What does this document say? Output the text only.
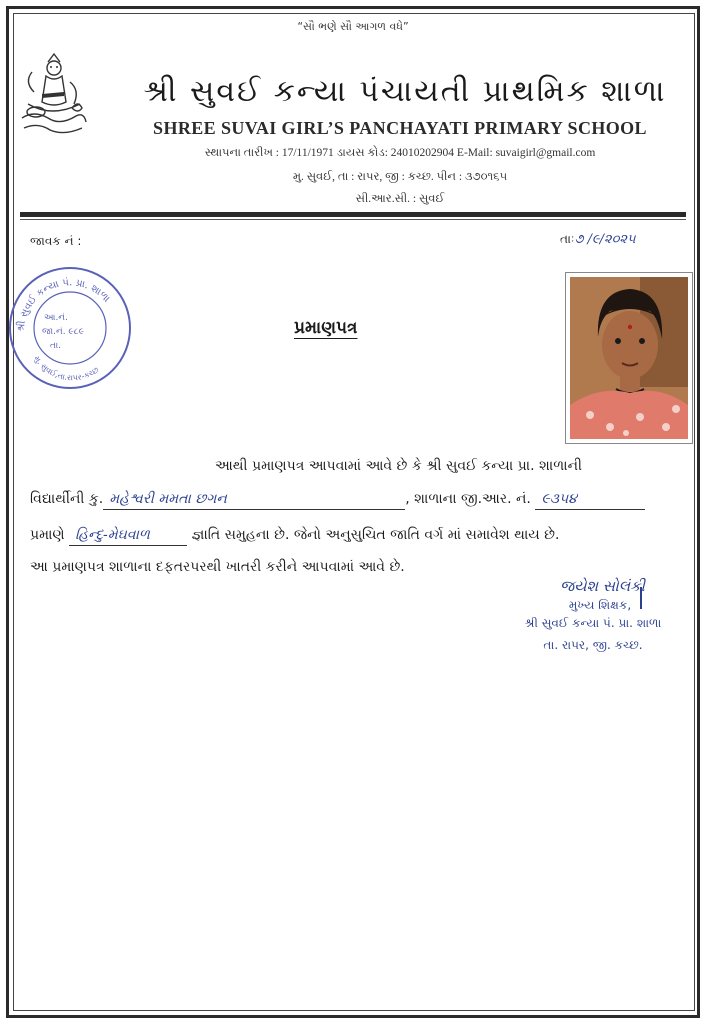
“સૌ ભણે સૌ આગળ વધે”
શ્રી સુવઈ કન્યા પંચાયતી પ્રાથમિક શાળા
SHREE SUVAI GIRL’S PANCHAYATI PRIMARY SCHOOL
સ્થાપના તારીખ : 17/11/1971 ડાયસ કોડ: 24010202904 E-Mail: suvaigirl@gmail.com
મુ. સુવઈ, તા : રાપર, જી : કચ્છ. પીન : ૩૭૦૧૬૫
સી.આર.સી. : સુવઈ
જાવક નં :	તાઃ૭ /૯/૨૦૨૫
શ્રી સુવઈ કન્યા પં. પ્રા. શાળા
મુ. સુવઈ,તા.રાપર-કચ્છ
આ.નં.
જા.નં. ૯૮૯
તા.
પ્રમાણપત્ર
આથી પ્રમાણપત્ર આપવામાં આવે છે કે શ્રી સુવઈ કન્યા પ્રા. શાળાની
વિદ્યાર્થીની કુ. મહેશ્વરી મમતા છગન	, શાળાના જી.આર. નં. ૯૩૫૪
પ્રમાણે હિન્દુ-મેઘવાળ	જ્ઞાતિ સમુહના છે. જેનો અનુસુચિત જાતિ વર્ગ માં સમાવેશ થાય છે.
આ પ્રમાણપત્ર શાળાના દફતરપરથી ખાતરી કરીને આપવામાં આવે છે.
જયેશ સોલંકી
મુખ્ય શિક્ષક,
શ્રી સુવઈ કન્યા પં. પ્રા. શાળા
તા. રાપર, જી. કચ્છ.
